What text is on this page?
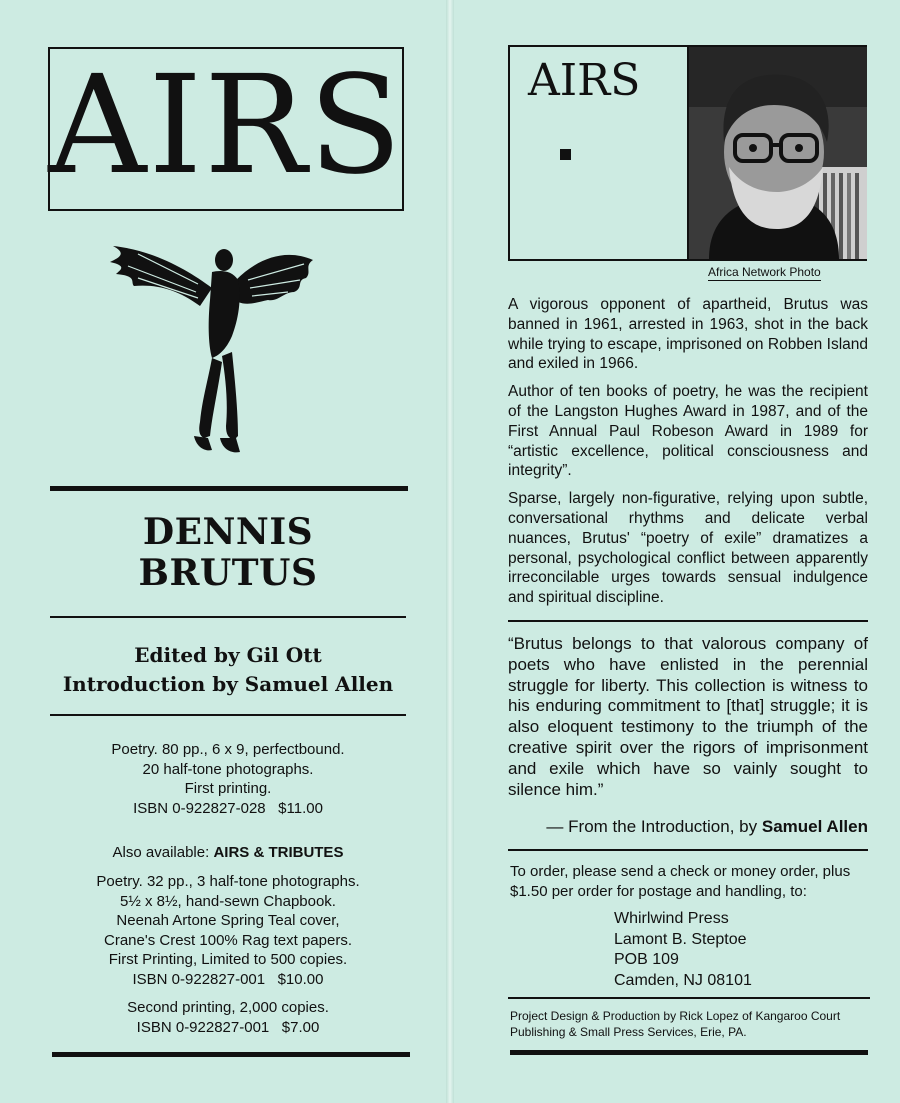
AIRS
DENNIS
BRUTUS
Edited by Gil Ott
Introduction by Samuel Allen

Poetry. 80 pp., 6 x 9, perfectbound.

20 half-tone photographs.

First printing.

ISBN 0-922827-028   $11.00

Also available: AIRS & TRIBUTES

Poetry. 32 pp., 3 half-tone photographs.

5½ x 8½, hand-sewn Chapbook.

Neenah Artone Spring Teal cover,

Crane's Crest 100% Rag text papers.

First Printing, Limited to 500 copies.

ISBN 0-922827-001   $10.00

Second printing, 2,000 copies.

ISBN 0-922827-001   $7.00

AIRS
Africa Network Photo

A vigorous opponent of apartheid, Brutus was banned in 1961, arrested in 1963, shot in the back while trying to escape, imprisoned on Robben Island and exiled in 1966.

Author of ten books of poetry, he was the recipient of the Langston Hughes Award in 1987, and of the First Annual Paul Robeson Award in 1989 for “artistic excellence, political consciousness and integrity”.

Sparse, largely non-figurative, relying upon subtle, conversational rhythms and delicate verbal nuances, Brutus' “poetry of exile” dramatizes a personal, psychological conflict between apparently irreconcilable urges towards sensual indulgence and spiritual discipline.

“Brutus belongs to that valorous company of poets who have enlisted in the perennial struggle for liberty. This collection is witness to his enduring commitment to [that] struggle; it is also eloquent testimony to the triumph of the creative spirit over the rigors of imprisonment and exile which have so vainly sought to silence him.”

— From the Introduction, by Samuel Allen
To order, please send a check or money order, plus $1.50 per order for postage and handling, to:
Whirlwind Press
Lamont B. Steptoe
POB 109
Camden, NJ 08101
Project Design & Production by Rick Lopez of Kangaroo Court Publishing & Small Press Services, Erie, PA.
